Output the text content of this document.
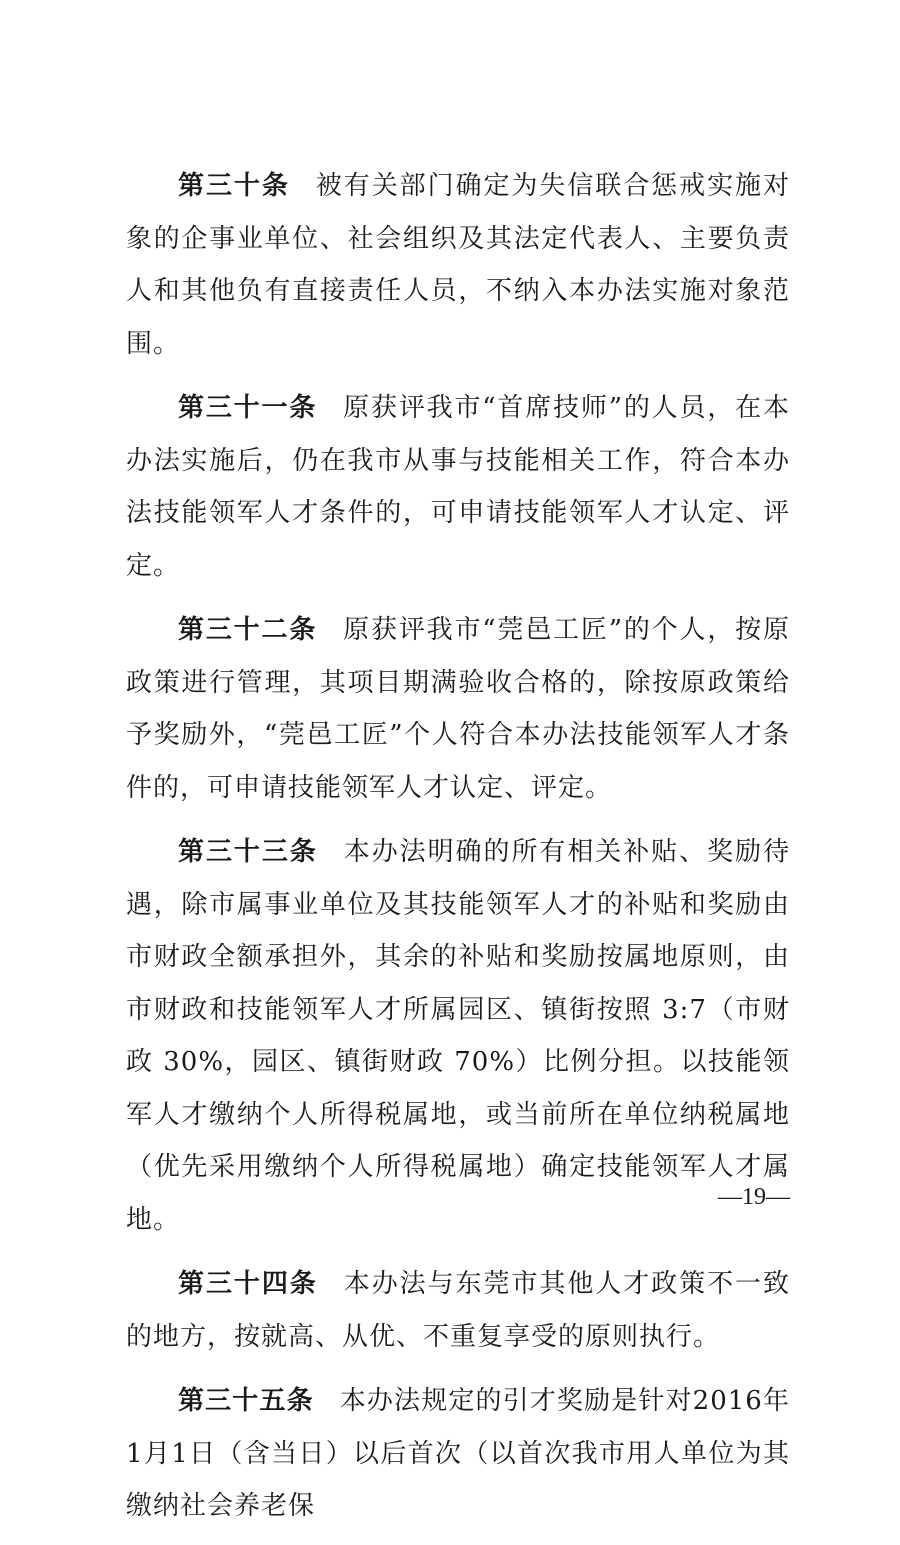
第三十条 被有关部门确定为失信联合惩戒实施对象的企事业单位、社会组织及其法定代表人、主要负责人和其他负有直接责任人员，不纳入本办法实施对象范围。

第三十一条 原获评我市“首席技师”的人员，在本办法实施后，仍在我市从事与技能相关工作，符合本办法技能领军人才条件的，可申请技能领军人才认定、评定。

第三十二条 原获评我市“莞邑工匠”的个人，按原政策进行管理，其项目期满验收合格的，除按原政策给予奖励外，“莞邑工匠”个人符合本办法技能领军人才条件的，可申请技能领军人才认定、评定。

第三十三条 本办法明确的所有相关补贴、奖励待遇，除市属事业单位及其技能领军人才的补贴和奖励由市财政全额承担外，其余的补贴和奖励按属地原则，由市财政和技能领军人才所属园区、镇街按照 3:7（市财政 30%，园区、镇街财政 70%）比例分担。以技能领军人才缴纳个人所得税属地，或当前所在单位纳税属地（优先采用缴纳个人所得税属地）确定技能领军人才属地。

第三十四条 本办法与东莞市其他人才政策不一致的地方，按就高、从优、不重复享受的原则执行。

第三十五条 本办法规定的引才奖励是针对2016年1月1日（含当日）以后首次（以首次我市用人单位为其缴纳社会养老保

—19—
